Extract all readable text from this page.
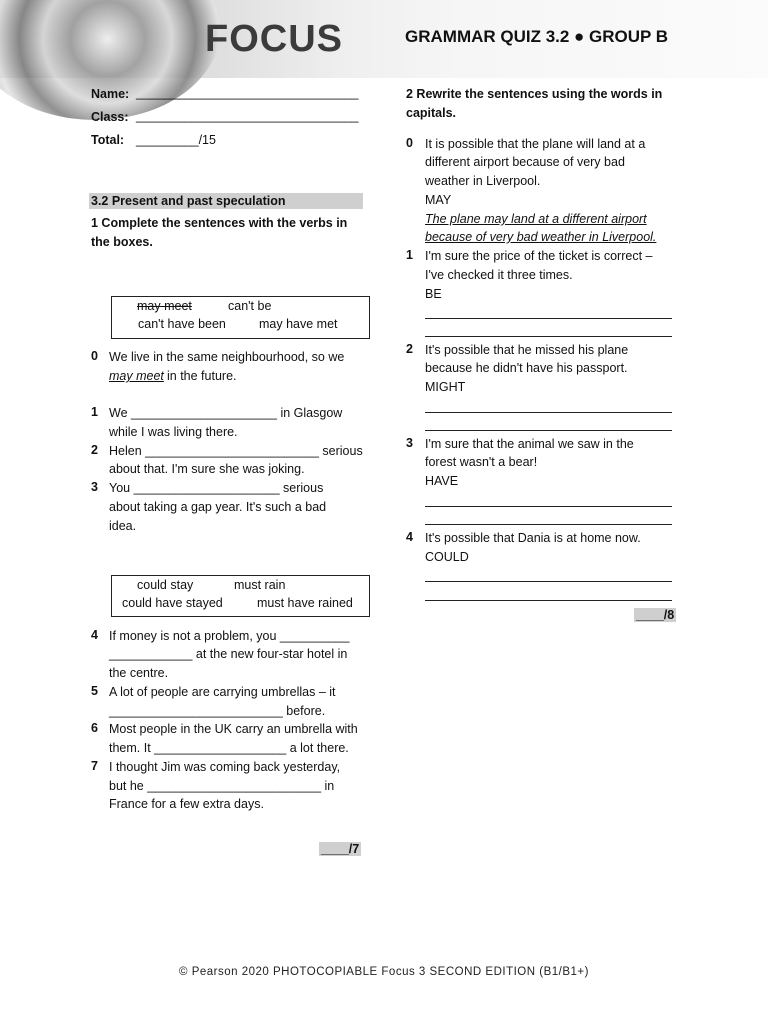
FOCUS	GRAMMAR QUIZ 3.2 ● GROUP B
Name: ________________________________
Class: ________________________________
Total: _________/15
3.2 Present and past speculation
1 Complete the sentences with the verbs in
the boxes.
may meet	can't be
can't have been	may have met
0 We live in the same neighbourhood, so we
may meet in the future.
1 We _____________________ in Glasgow
while I was living there.
2 Helen _________________________ serious
about that. I'm sure she was joking.
3 You _____________________ serious
about taking a gap year. It's such a bad
idea.
could stay	must rain
could have stayed	must have rained
4 If money is not a problem, you __________
____________ at the new four-star hotel in
the centre.
5 A lot of people are carrying umbrellas – it
_________________________ before.
6 Most people in the UK carry an umbrella with
them. It ___________________ a lot there.
7 I thought Jim was coming back yesterday,
but he _________________________ in
France for a few extra days.
____/7
2 Rewrite the sentences using the words in
capitals.
0 It is possible that the plane will land at a
different airport because of very bad
weather in Liverpool.
MAY
The plane may land at a different airport
because of very bad weather in Liverpool.
1 I'm sure the price of the ticket is correct –
I've checked it three times.
BE
2 It's possible that he missed his plane
because he didn't have his passport.
MIGHT
3 I'm sure that the animal we saw in the
forest wasn't a bear!
HAVE
4 It's possible that Dania is at home now.
COULD
____/8
© Pearson 2020 PHOTOCOPIABLE Focus 3 SECOND EDITION (B1/B1+)
